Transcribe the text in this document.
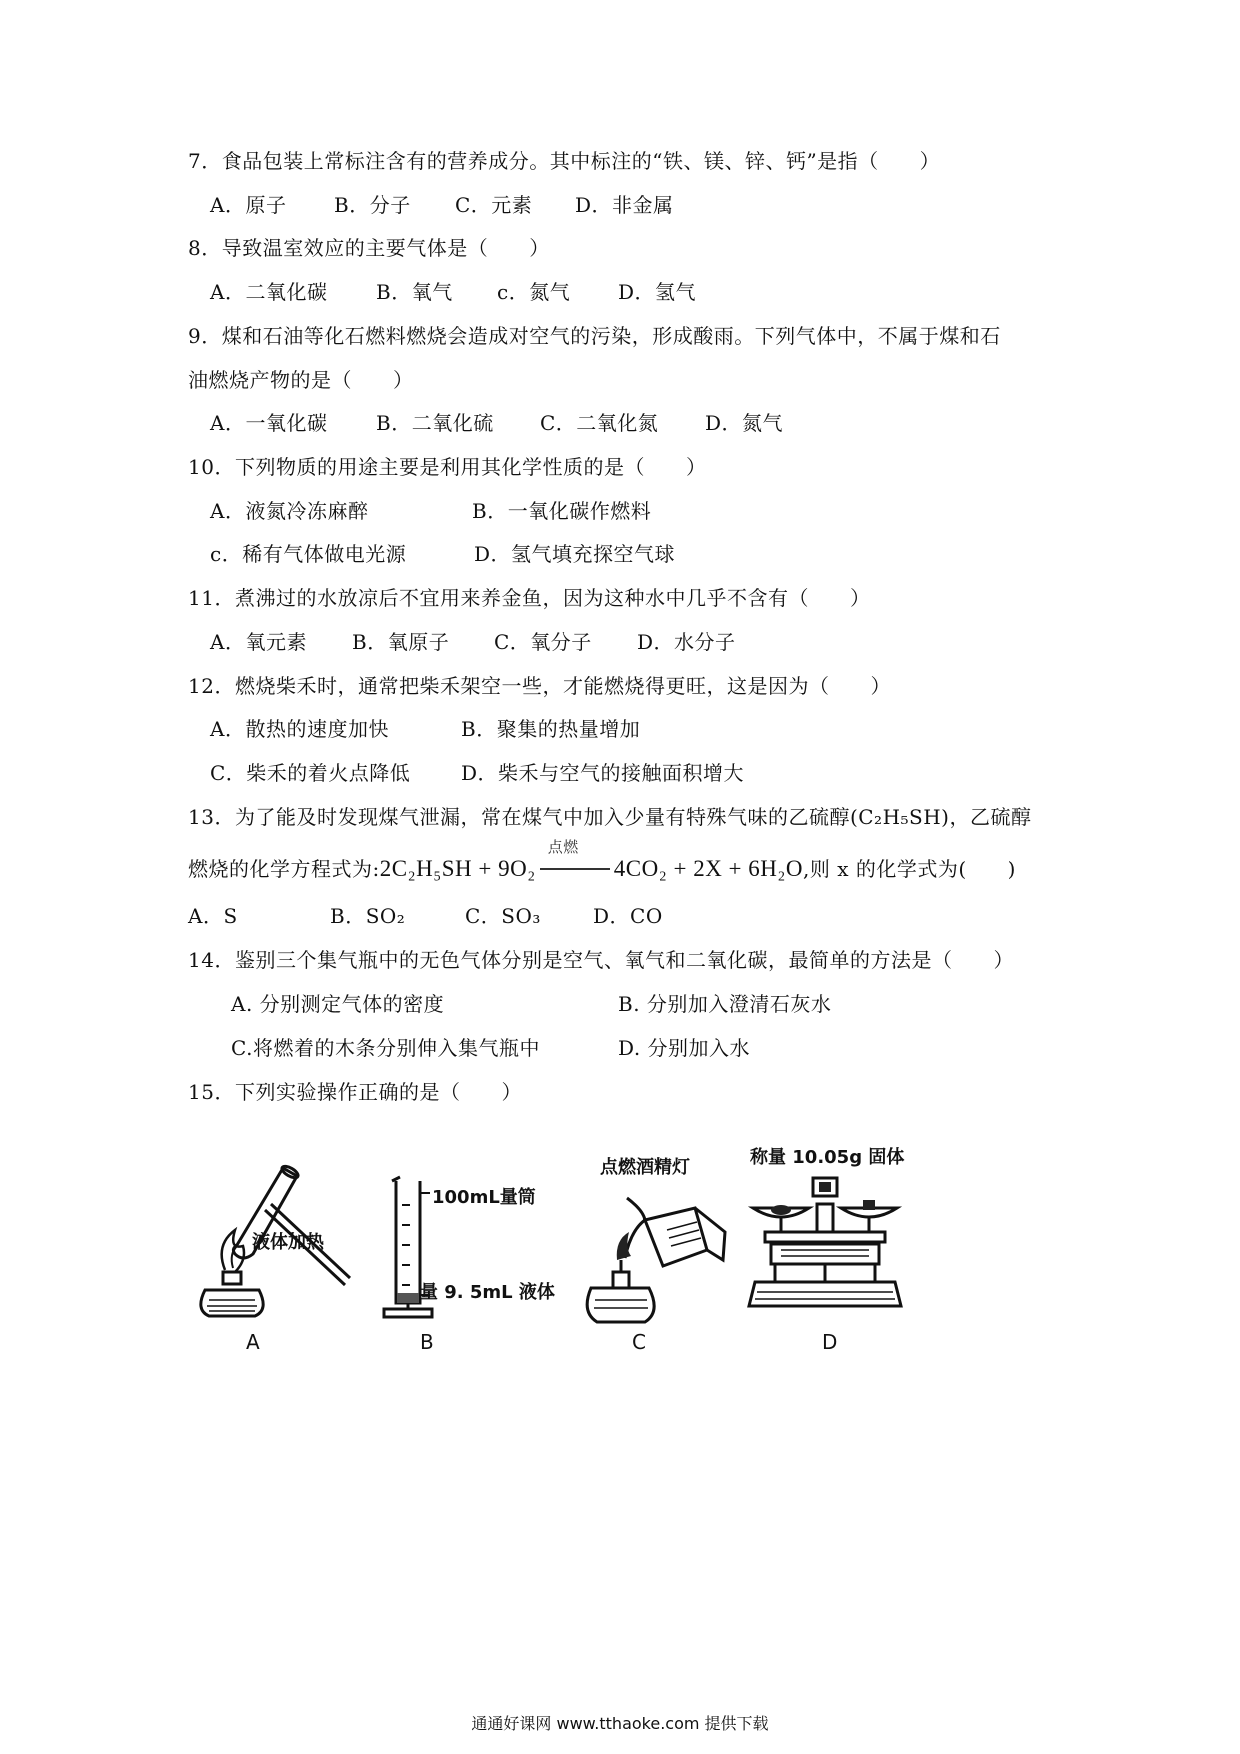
7．食品包装上常标注含有的营养成分。其中标注的“铁、镁、锌、钙”是指（　　）
A．原子 B．分子 C．元素 D．非金属
8．导致温室效应的主要气体是（　　）
A．二氧化碳 B．氧气 c．氮气 D．氢气
9．煤和石油等化石燃料燃烧会造成对空气的污染，形成酸雨。下列气体中，不属于煤和石
油燃烧产物的是（　　）
A．一氧化碳 B．二氧化硫 C．二氧化氮 D．氮气
10．下列物质的用途主要是利用其化学性质的是（　　）
A．液氮冷冻麻醉	B．一氧化碳作燃料
c．稀有气体做电光源	D．氢气填充探空气球
11．煮沸过的水放凉后不宜用来养金鱼，因为这种水中几乎不含有（　　）
A．氧元素 B．氧原子 C．氧分子 D．水分子
12．燃烧柴禾时，通常把柴禾架空一些，才能燃烧得更旺，这是因为（　　）
A．散热的速度加快	B．聚集的热量增加
C．柴禾的着火点降低	D．柴禾与空气的接触面积增大
13．为了能及时发现煤气泄漏，常在煤气中加入少量有特殊气味的乙硫醇(C₂H₅SH)，乙硫醇
燃烧的化学方程式为:2C₂H₅SH + 9O₂
点燃
4CO₂ + 2X + 6H₂O,则 x 的化学式为(　　)
A．S	B．SO₂	C．SO₃	D．CO
14．鉴别三个集气瓶中的无色气体分别是空气、氧气和二氧化碳，最简单的方法是（　　）
A. 分别测定气体的密度	B. 分别加入澄清石灰水
C.将燃着的木条分别伸入集气瓶中	D. 分别加入水
15．下列实验操作正确的是（　　）
液体加热
A
100mL量筒
量 9. 5mL 液体
B
点燃酒精灯
C
称量 10.05g 固体
D
通通好课网 www.tthaoke.com 提供下载
